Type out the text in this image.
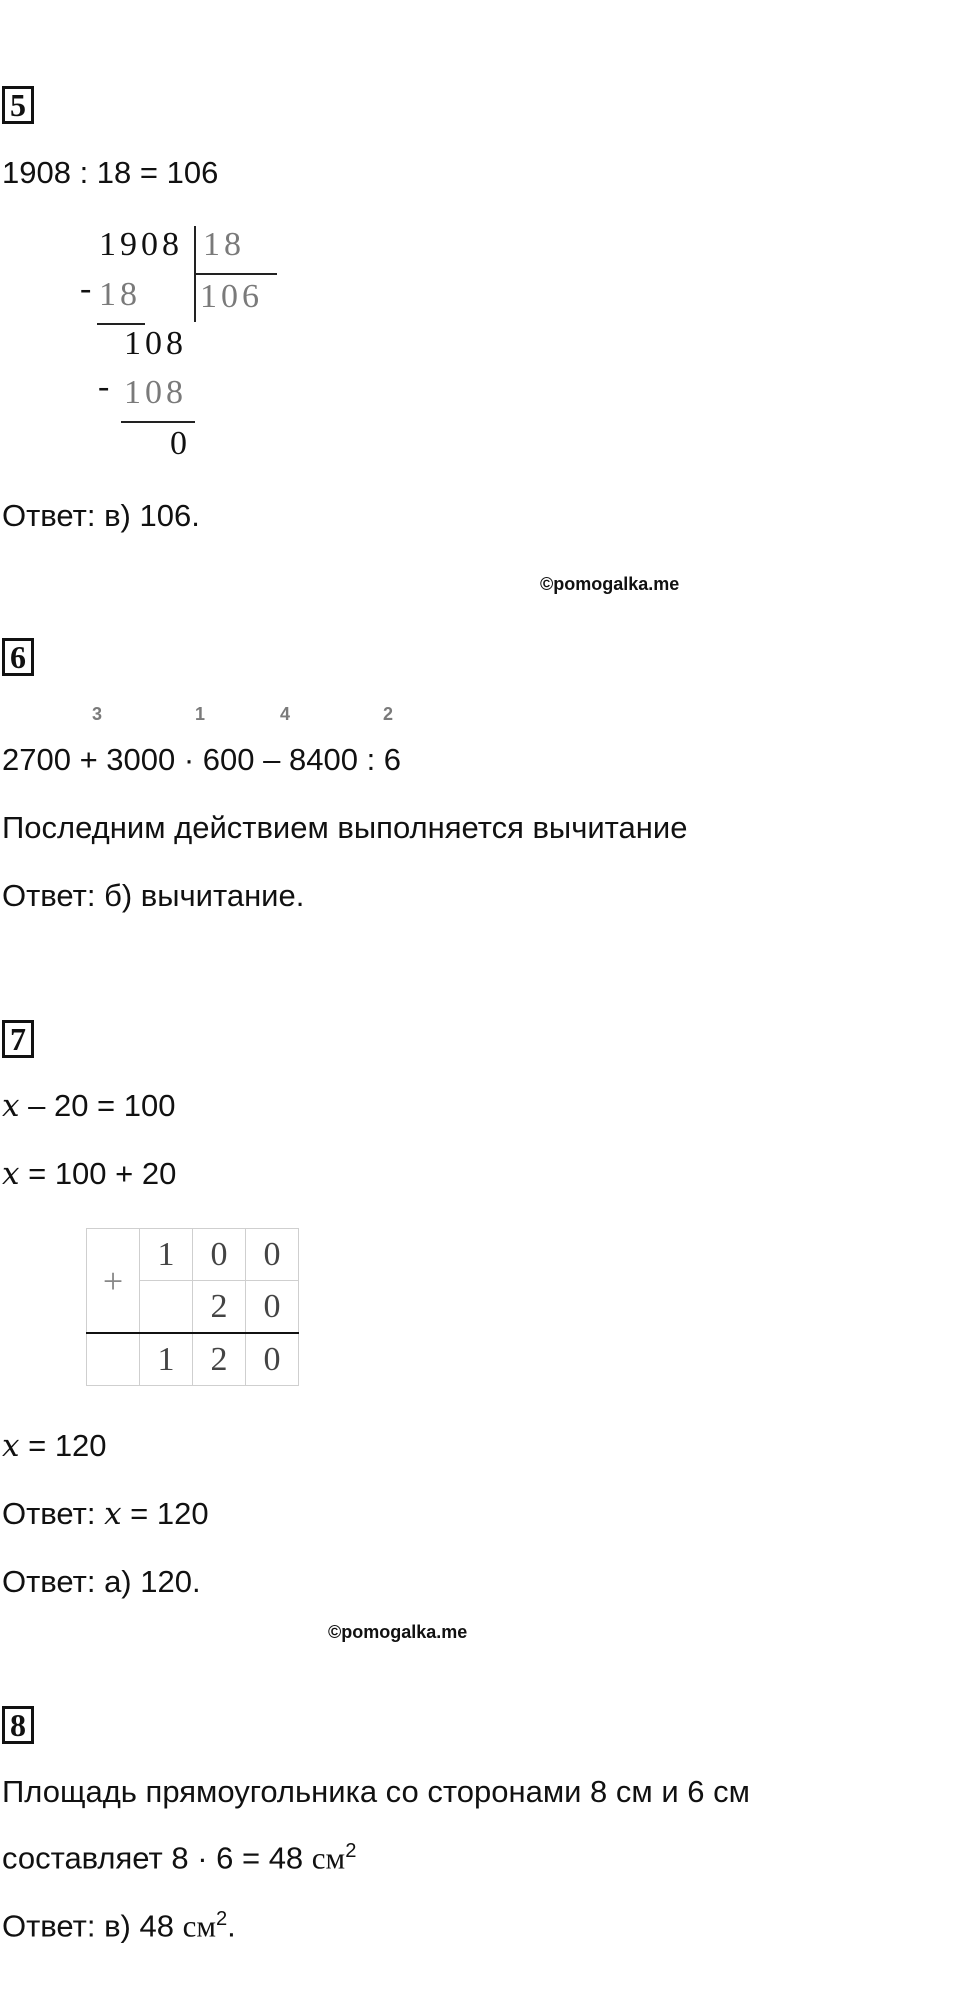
5
1908 : 18 = 106
-
1908 18
106
18
-
108
108
0
Ответ: в) 106.
©pomogalka.me
6
3	1	4	2
2700 + 3000 · 600 – 8400 : 6
Последним действием выполняется вычитание
Ответ: б) вычитание.
7
x – 20 = 100
x = 100 + 20
+	1	0	0
		2	0
	1	2	0
x = 120
Ответ: x = 120
Ответ: а) 120.
©pomogalka.me
8
Площадь прямоугольника со сторонами 8 см и 6 см
составляет 8 · 6 = 48 $см^2$
Ответ: в) 48 $см^2$.
